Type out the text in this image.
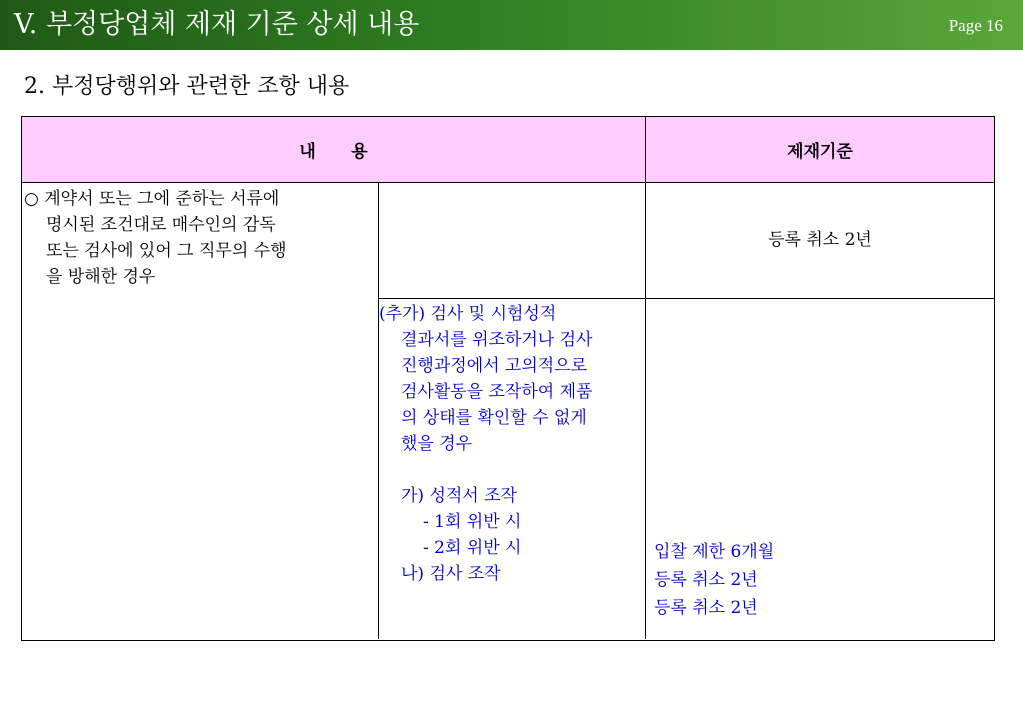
V. 부정당업체 제재 기준 상세 내용	Page 16
2. 부정당행위와 관련한 조항 내용
내      용	제재기준
○ 계약서 또는 그에 준하는 서류에
명시된 조건대로 매수인의 감독
또는 검사에 있어 그 직무의 수행
을 방해한 경우
등록 취소 2년
(추가) 검사 및 시험성적
결과서를 위조하거나 검사
진행과정에서 고의적으로
검사활동을 조작하여 제품
의 상태를 확인할 수 없게
했을 경우
가) 성적서 조작
- 1회 위반 시
- 2회 위반 시
나) 검사 조작
입찰 제한 6개월
등록 취소 2년
등록 취소 2년
